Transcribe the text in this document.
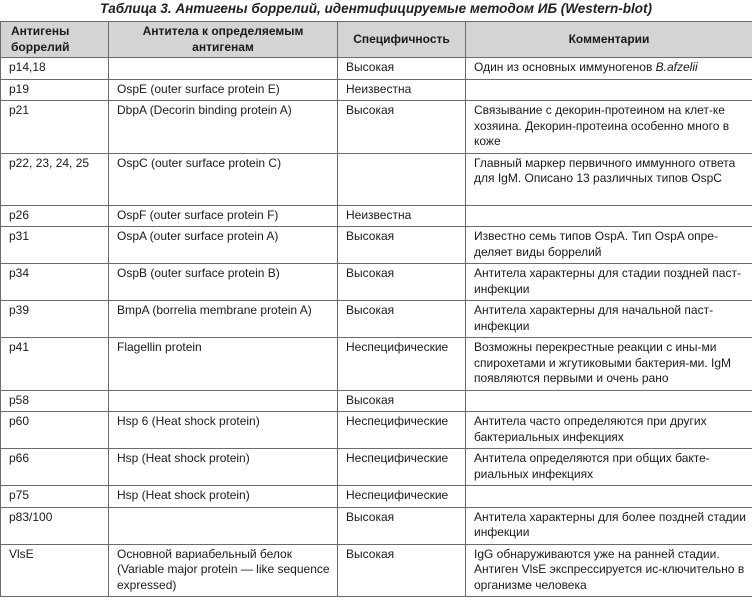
Таблица 3. Антигены боррелий, идентифицируемые методом ИБ (Western-blot)
Антигены боррелий	Антитела к определяемым антигенам	Специфичность	Комментарии
p14,18		Высокая	Один из основных иммуногенов B.afzelii
p19	OspE (outer surface protein E)	Неизвестна	
p21	DbpA (Decorin binding protein A)	Высокая	Связывание с декорин-протеином на клет-ке хозяина. Декорин-протеина особенно много в коже
p22, 23, 24, 25	OspC (outer surface protein C)		Главный маркер первичного иммунного ответа для IgM. Описано 13 различных типов OspC
p26	OspF (outer surface protein F)	Неизвестна	
p31	OspA (outer surface protein A)	Высокая	Известно семь типов OspA. Тип OspA опре-деляет виды боррелий
p34	OspB (outer surface protein B)	Высокая	Антитела характерны для стадии поздней паст-инфекции
p39	BmpA (borrelia membrane protein A)	Высокая	Антитела характерны для начальной паст-инфекции
p41	Flagellin protein	Неспецифические	Возможны перекрестные реакции с ины-ми спирохетами и жгутиковыми бактерия-ми. IgM появляются первыми и очень рано
p58		Высокая	
p60	Hsp 6 (Heat shock protein)	Неспецифические	Антитела часто определяются при других бактериальных инфекциях
p66	Hsp (Heat shock protein)	Неспецифические	Антитела определяются при общих бакте-риальных инфекциях
p75	Hsp (Heat shock protein)	Неспецифические	
p83/100		Высокая	Антитела характерны для более поздней стадии инфекции
VlsE	Основной вариабельный белок (Variable major protein — like sequence expressed)	Высокая	IgG обнаруживаются уже на ранней стадии. Антиген VlsE экспрессируется ис-ключительно в организме человека
